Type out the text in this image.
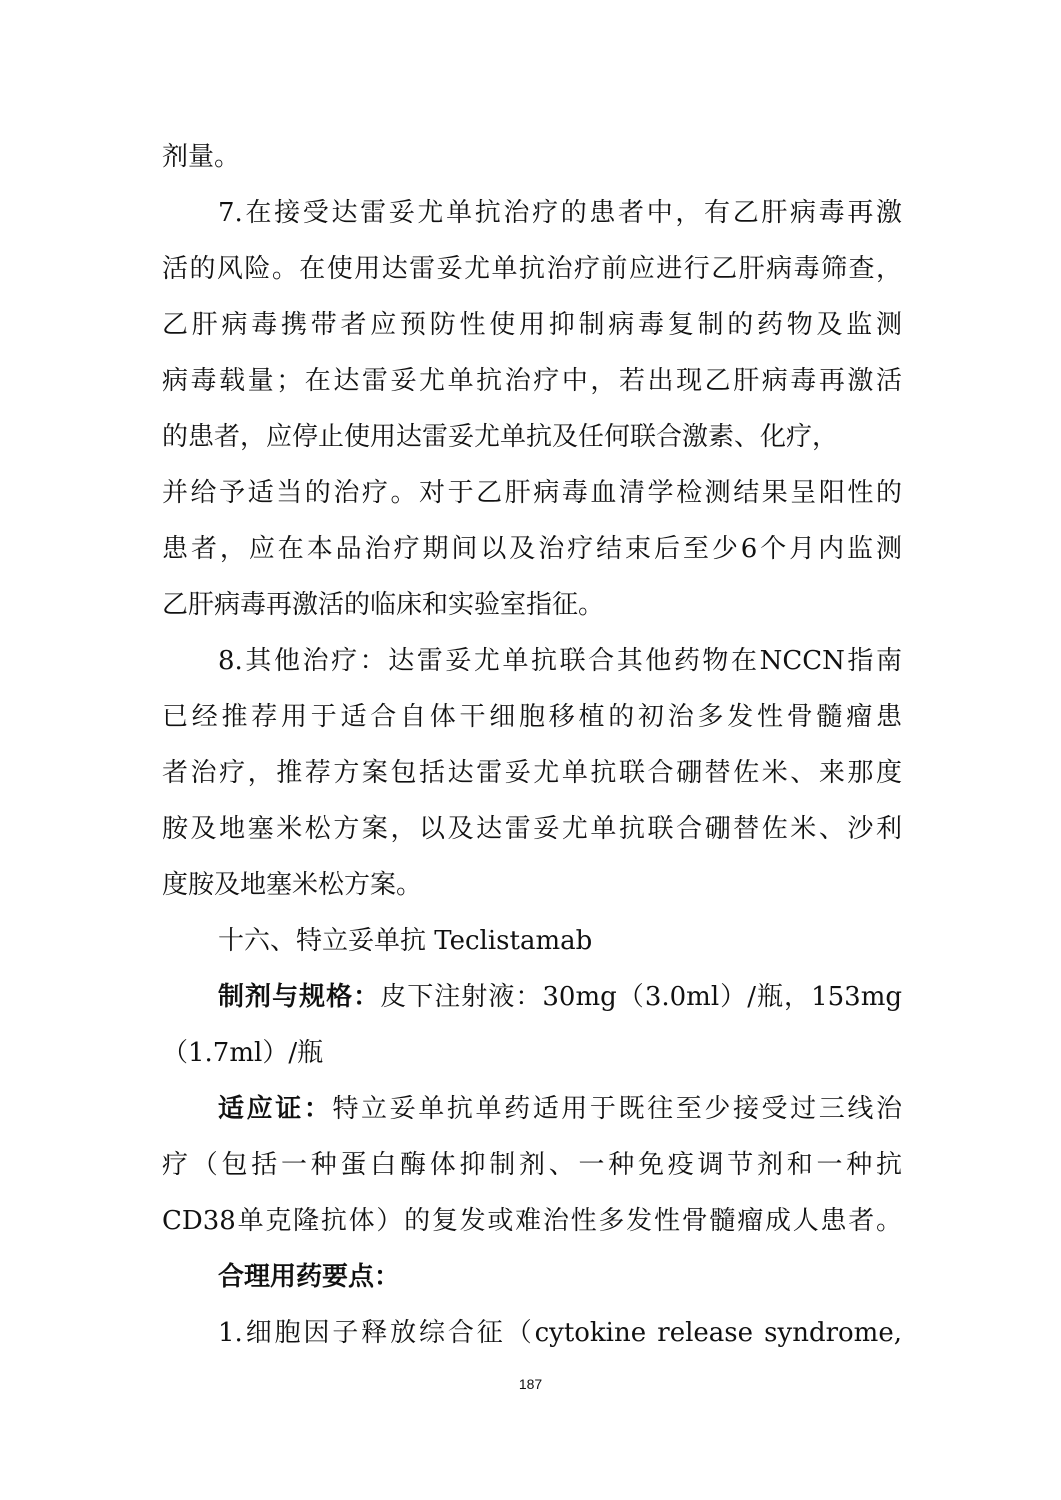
剂量。
7.在接受达雷妥尤单抗治疗的患者中，有乙肝病毒再激
活的风险。在使用达雷妥尤单抗治疗前应进行乙肝病毒筛查，
乙肝病毒携带者应预防性使用抑制病毒复制的药物及监测
病毒载量；在达雷妥尤单抗治疗中，若出现乙肝病毒再激活
的患者，应停止使用达雷妥尤单抗及任何联合激素、化疗，
并给予适当的治疗。对于乙肝病毒血清学检测结果呈阳性的
患者，应在本品治疗期间以及治疗结束后至少6个月内监测
乙肝病毒再激活的临床和实验室指征。
8.其他治疗：达雷妥尤单抗联合其他药物在NCCN指南
已经推荐用于适合自体干细胞移植的初治多发性骨髓瘤患
者治疗，推荐方案包括达雷妥尤单抗联合硼替佐米、来那度
胺及地塞米松方案，以及达雷妥尤单抗联合硼替佐米、沙利
度胺及地塞米松方案。
十六、特立妥单抗 Teclistamab
制剂与规格：皮下注射液：30mg（3.0ml）/瓶，153mg
（1.7ml）/瓶
适应证：特立妥单抗单药适用于既往至少接受过三线治
疗（包括一种蛋白酶体抑制剂、一种免疫调节剂和一种抗
CD38单克隆抗体）的复发或难治性多发性骨髓瘤成人患者。
合理用药要点：
1.细胞因子释放综合征（cytokine release syndrome,
187
